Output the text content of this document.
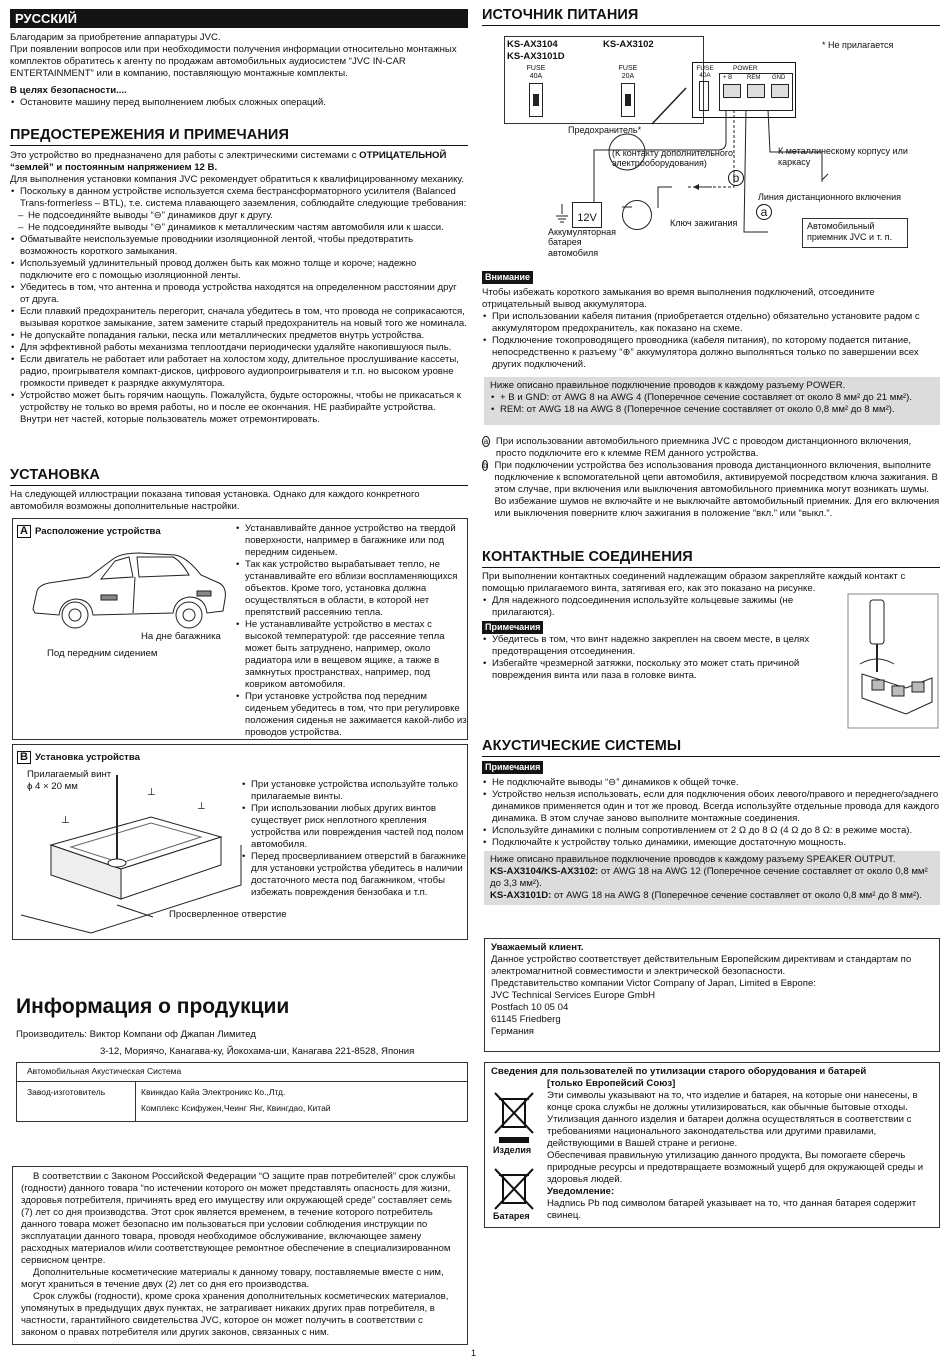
РУССКИЙ
Благодарим за приобретение аппаратуры JVC.
При появлении вопросов или при необходимости получения информации относительно монтажных комплектов обратитесь к агенту по продажам автомобильных аудиосистем “JVC IN-CAR ENTERTAINMENT” или в компанию, поставляющую монтажные комплекты.
В целях безопасности....
• Остановите машину перед выполнением любых сложных операций.
ПРЕДОСТЕРЕЖЕНИЯ И ПРИМЕЧАНИЯ
Это устройство во предназначено для работы с электрическими системами с ОТРИЦАТЕЛЬНОЙ “землей” и постоянным напряжением 12 В.
Для выполнения установки компания JVC рекомендует обратиться к квалифицированному механику.
• Поскольку в данном устройстве используется схема бестрансформаторного усилителя (Balanced Trans-formerless – BTL), т.е. система плавающего заземления, соблюдайте следующие требования:
– Не подсоединяйте выводы “⊖” динамиков друг к другу.
– Не подсоединяйте выводы “⊖” динамиков к металлическим частям автомобиля или к шасси.
• Обматывайте неиспользуемые проводники изоляционной лентой, чтобы предотвратить возможность короткого замыкания.
• Используемый удлинительный провод должен быть как можно толще и короче; надежно подключите его с помощью изоляционной ленты.
• Убедитесь в том, что антенна и провода устройства находятся на определенном расстоянии друг от друга.
• Если плавкий предохранитель перегорит, сначала убедитесь в том, что провода не соприкасаются, вызывая короткое замыкание, затем замените старый предохранитель на новый того же номинала.
• Не допускайте попадания гальки, песка или металлических предметов внутрь устройства.
• Для эффективной работы механизма теплоотдачи периодически удаляйте накопившуюся пыль.
• Если двигатель не работает или работает на холостом ходу, длительное прослушивание кассеты, радио, проигрывателя компакт-дисков, цифрового аудиопроигрывателя и т.п. но высоком уровне громкости приведет к разрядке аккумулятора.
• Устройство может быть горячим наощупь. Пожалуйста, будьте осторожны, чтобы не прикасаться к устройству не только во время работы, но и после ее окончания. НЕ разбирайте устройства. Внутри нет частей, которые пользователь может отремонтировать.
УСТАНОВКА
На следующей иллюстрации показана типовая установка. Однако для каждого конкретного автомобиля возможны дополнительные настройки.
A Расположение устройства
На дне багажника
Под передним сидением
• Устанавливайте данное устройство на твердой поверхности, например в багажнике или под передним сиденьем.
• Так как устройство вырабатывает тепло, не устанавливайте его вблизи воспламеняющихся объектов. Кроме того, установка должна осуществляться в области, в которой нет препятствий рассеянию тепла.
• Не устанавливайте устройство в местах с высокой температурой: где рассеяние тепла может быть затруднено, например, около радиатора или в вещевом ящике, а также в замкнутых пространствах, например, под ковриком автомобиля.
• При установке устройства под передним сиденьем убедитесь в том, что при регулировке положения сиденья не зажимается какой-либо из проводов устройства.
B Установка устройства
Прилагаемый винт
ϕ 4 × 20 мм
⊥
⊥
⊥
Просверленное отверстие
• При установке устройства используйте только прилагаемые винты.
• При использовании любых других винтов существует риск неплотного крепления устройства или повреждения частей под полом автомобиля.
• Перед просверливанием отверстий в багажнике для установки устройства убедитесь в наличии достаточного места под багажником, чтобы избежать повреждения бензобака и т.п.
Информация о продукции
Производитель: Виктор Компани оф Джапан Лимитед
3-12, Мориячо, Канагава-ку, Йокохама-ши, Канагава 221-8528, Япония
Автомобильная Акустическая Система
Завод-изготовитель	Квинкдао Кайа Электроникс Ко.,Лтд.
Комплекс Ксифужен,Чеинг Янг, Квингдао, Китай
В соответствии с Законом Российской Федерации “О защите прав потребителей” срок службы (годности) данного товара “по истечении которого он может представлять опасность для жизни, здоровья потребителя, причинять вред его имуществу или окружающей среде” составляет семь (7) лет со дня производства. Этот срок является временем, в течение которого потребитель данного товара может безопасно им пользоваться при условии соблюдения инструкции по эксплуатации данного товара, проводя необходимое обслуживание, включающее замену расходных материалов и/или соответствующее ремонтное обеспечение в специализированном сервисном центре.
Дополнительные косметические материалы к данному товару, поставляемые вместе с ним, могут храниться в течение двух (2) лет со дня его производства.
Срок службы (годности), кроме срока хранения дополнительных косметических материалов, упомянутых в предыдущих двух пунктах, не затрагивает никаких других прав потребителя, в частности, гарантийного свидетельства JVC, которое он может получить в соответствии с законом о правах потребителя или других законов, связанных с ним.
ИСТОЧНИК ПИТАНИЯ
KS-AX3104
KS-AX3101D
KS-AX3102
FUSE
40A
FUSE
20A
* Не прилагается
FUSE
40A
POWER
+ B REM GND
Предохранитель*
(К контакту дополнительного электрооборудования)
К металлическому корпусу или каркасу
Линия дистанционного включения
b
a
12V	Ключ зажигания
Аккумуляторная батарея автомобиля
Автомобильный приемник JVC и т. п.
Внимание
Чтобы избежать короткого замыкания во время выполнения подключений, отсоедините отрицательный вывод аккумулятора.
• При использовании кабеля питания (приобретается отдельно) обязательно установите радом с аккумулятором предохранитель, как показано на схеме.
• Подключение токопроводящего проводника (кабеля питания), по которому подается питание, непосредственно к разъему “⊕” аккумулятора должно выполняться только по завершении всех других подключений.
Ниже описано правильное подключение проводов к каждому разъему POWER.
• + B и GND: от AWG 8 на AWG 4 (Поперечное сечение составляет от около 8 мм² до 21 мм²).
• REM: от AWG 18 на AWG 8 (Поперечное сечение составляет от около 0,8 мм² до 8 мм²).
a При использовании автомобильного приемника JVC с проводом дистанционного включения, просто подключите его к клемме REM данного устройства.
b При подключении устройства без использования провода дистанционного включения, выполните подключение к вспомогательной цепи автомобиля, активируемой посредством ключа зажигания. В этом случае, при включения или выключения автомобильного приемника могут возникать шумы. Во избежание шумов не включайте и не выключайте автомобильный приемник. Для его включения или выключения поверните ключ зажигания в положение “вкл.” или “выкл.”.
КОНТАКТНЫЕ СОЕДИНЕНИЯ
При выполнении контактных соединений надлежащим образом закрепляйте каждый контакт с помощью прилагаемого винта, затягивая его, как это показано на рисунке.
• Для надежного подсоединения используйте кольцевые зажимы (не прилагаются).
Примечания
• Убедитесь в том, что винт надежно закреплен на своем месте, в целях предотвращения отсоединения.
• Избегайте чрезмерной затяжки, поскольку это может стать причиной повреждения винта или паза в головке винта.
АКУСТИЧЕСКИЕ СИСТЕМЫ
Примечания
• Не подключайте выводы “⊖” динамиков к общей точке.
• Устройство нельзя использовать, если для подключения обоих левого/правого и переднего/заднего динамиков применяется один и тот же провод. Всегда используйте отдельные провода для каждого динамика. В этом случае заново выполните монтажные соединения.
• Используйте динамики с полным сопротивлением от 2 Ω до 8 Ω (4 Ω до 8 Ω: в режиме моста).
• Подключайте к устройству только динамики, имеющие достаточную мощность.
Ниже описано правильное подключение проводов к каждому разъему SPEAKER OUTPUT.
KS-AX3104/KS-AX3102: от AWG 18 на AWG 12 (Поперечное сечение составляет от около 0,8 мм² до 3,3 мм²).
KS-AX3101D: от AWG 18 на AWG 8 (Поперечное сечение составляет от около 0,8 мм² до 8 мм²).
Уважаемый клиент.
Данное устройство соответствует действительным Европейским директивам и стандартам по электромагнитной совместимости и электрической безопасности.
Представительство компании Victor Company of Japan, Limited в Европе:
JVC Technical Services Europe GmbH
Postfach 10 05 04
61145 Friedberg
Германия
Сведения для пользователей по утилизации старого оборудования и батарей
[только Европейсий Союз]
Эти символы указывают на то, что изделие и батарея, на которые они нанесены, в конце срока службы не должны утилизироваться, как обычные бытовые отходы. Утилизация данного изделия и батареи должна осуществляться в соответствии с требованиями национального законодательства или другими правилами, действующими в Вашей стране и регионе.
Обеспечивая правильную утилизацию данного продукта, Вы помогаете сберечь природные ресурсы и предотвращаете возможный ущерб для окружающей среды и здоровья людей.
Уведомление:
Надпись Pb под символом батарей указывает на то, что данная батарея содержит свинец.
Изделия
Батарея
1
